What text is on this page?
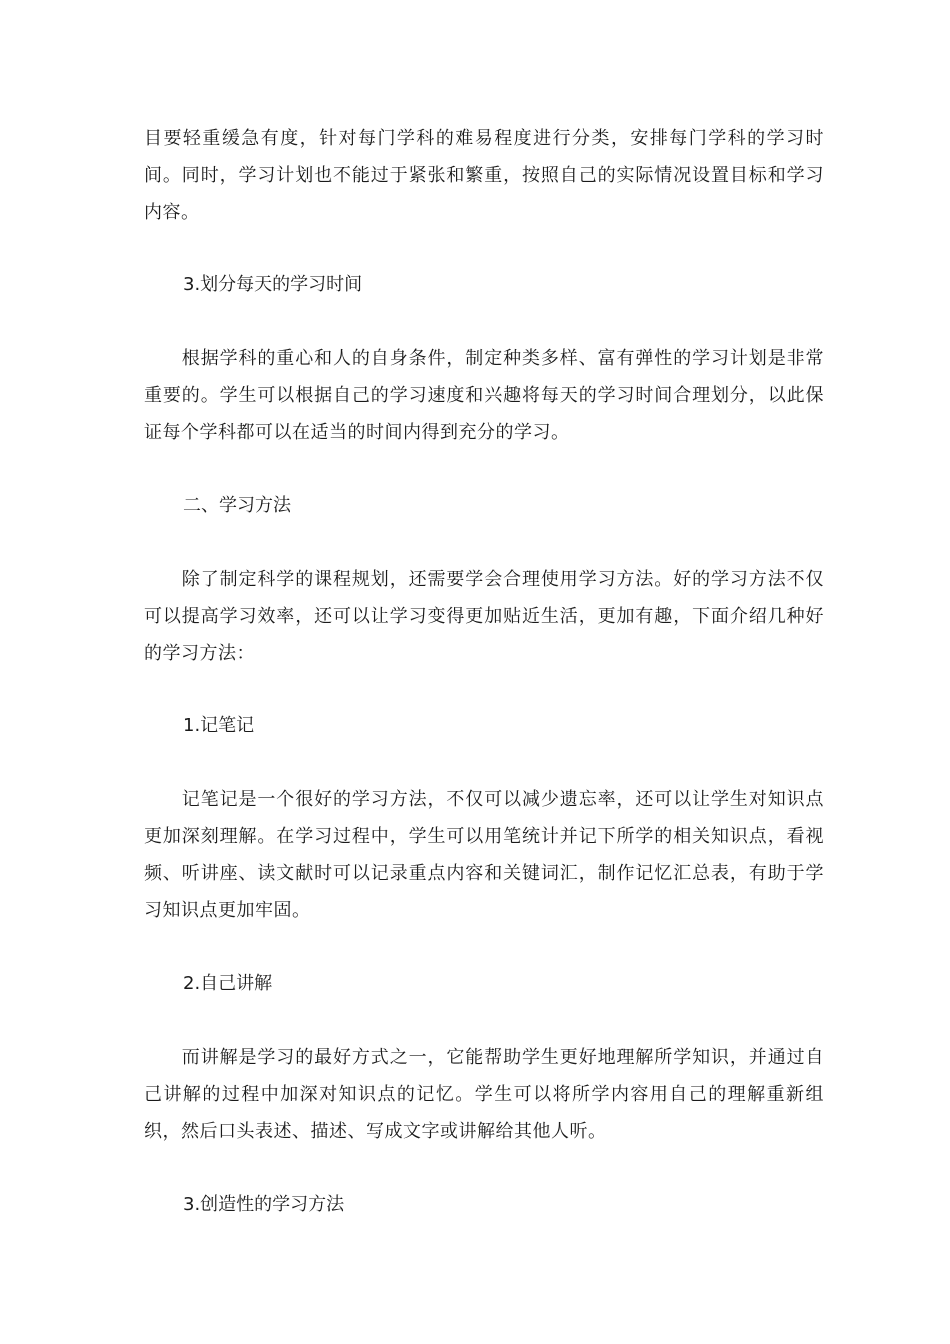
目要轻重缓急有度，针对每门学科的难易程度进行分类，安排每门学科的学习时间。同时，学习计划也不能过于紧张和繁重，按照自己的实际情况设置目标和学习内容。

3.划分每天的学习时间

　　根据学科的重心和人的自身条件，制定种类多样、富有弹性的学习计划是非常重要的。学生可以根据自己的学习速度和兴趣将每天的学习时间合理划分，以此保证每个学科都可以在适当的时间内得到充分的学习。

二、学习方法

　　除了制定科学的课程规划，还需要学会合理使用学习方法。好的学习方法不仅可以提高学习效率，还可以让学习变得更加贴近生活，更加有趣，下面介绍几种好的学习方法：

1.记笔记

　　记笔记是一个很好的学习方法，不仅可以减少遗忘率，还可以让学生对知识点更加深刻理解。在学习过程中，学生可以用笔统计并记下所学的相关知识点，看视频、听讲座、读文献时可以记录重点内容和关键词汇，制作记忆汇总表，有助于学习知识点更加牢固。

2.自己讲解

　　而讲解是学习的最好方式之一，它能帮助学生更好地理解所学知识，并通过自己讲解的过程中加深对知识点的记忆。学生可以将所学内容用自己的理解重新组织，然后口头表述、描述、写成文字或讲解给其他人听。

3.创造性的学习方法
